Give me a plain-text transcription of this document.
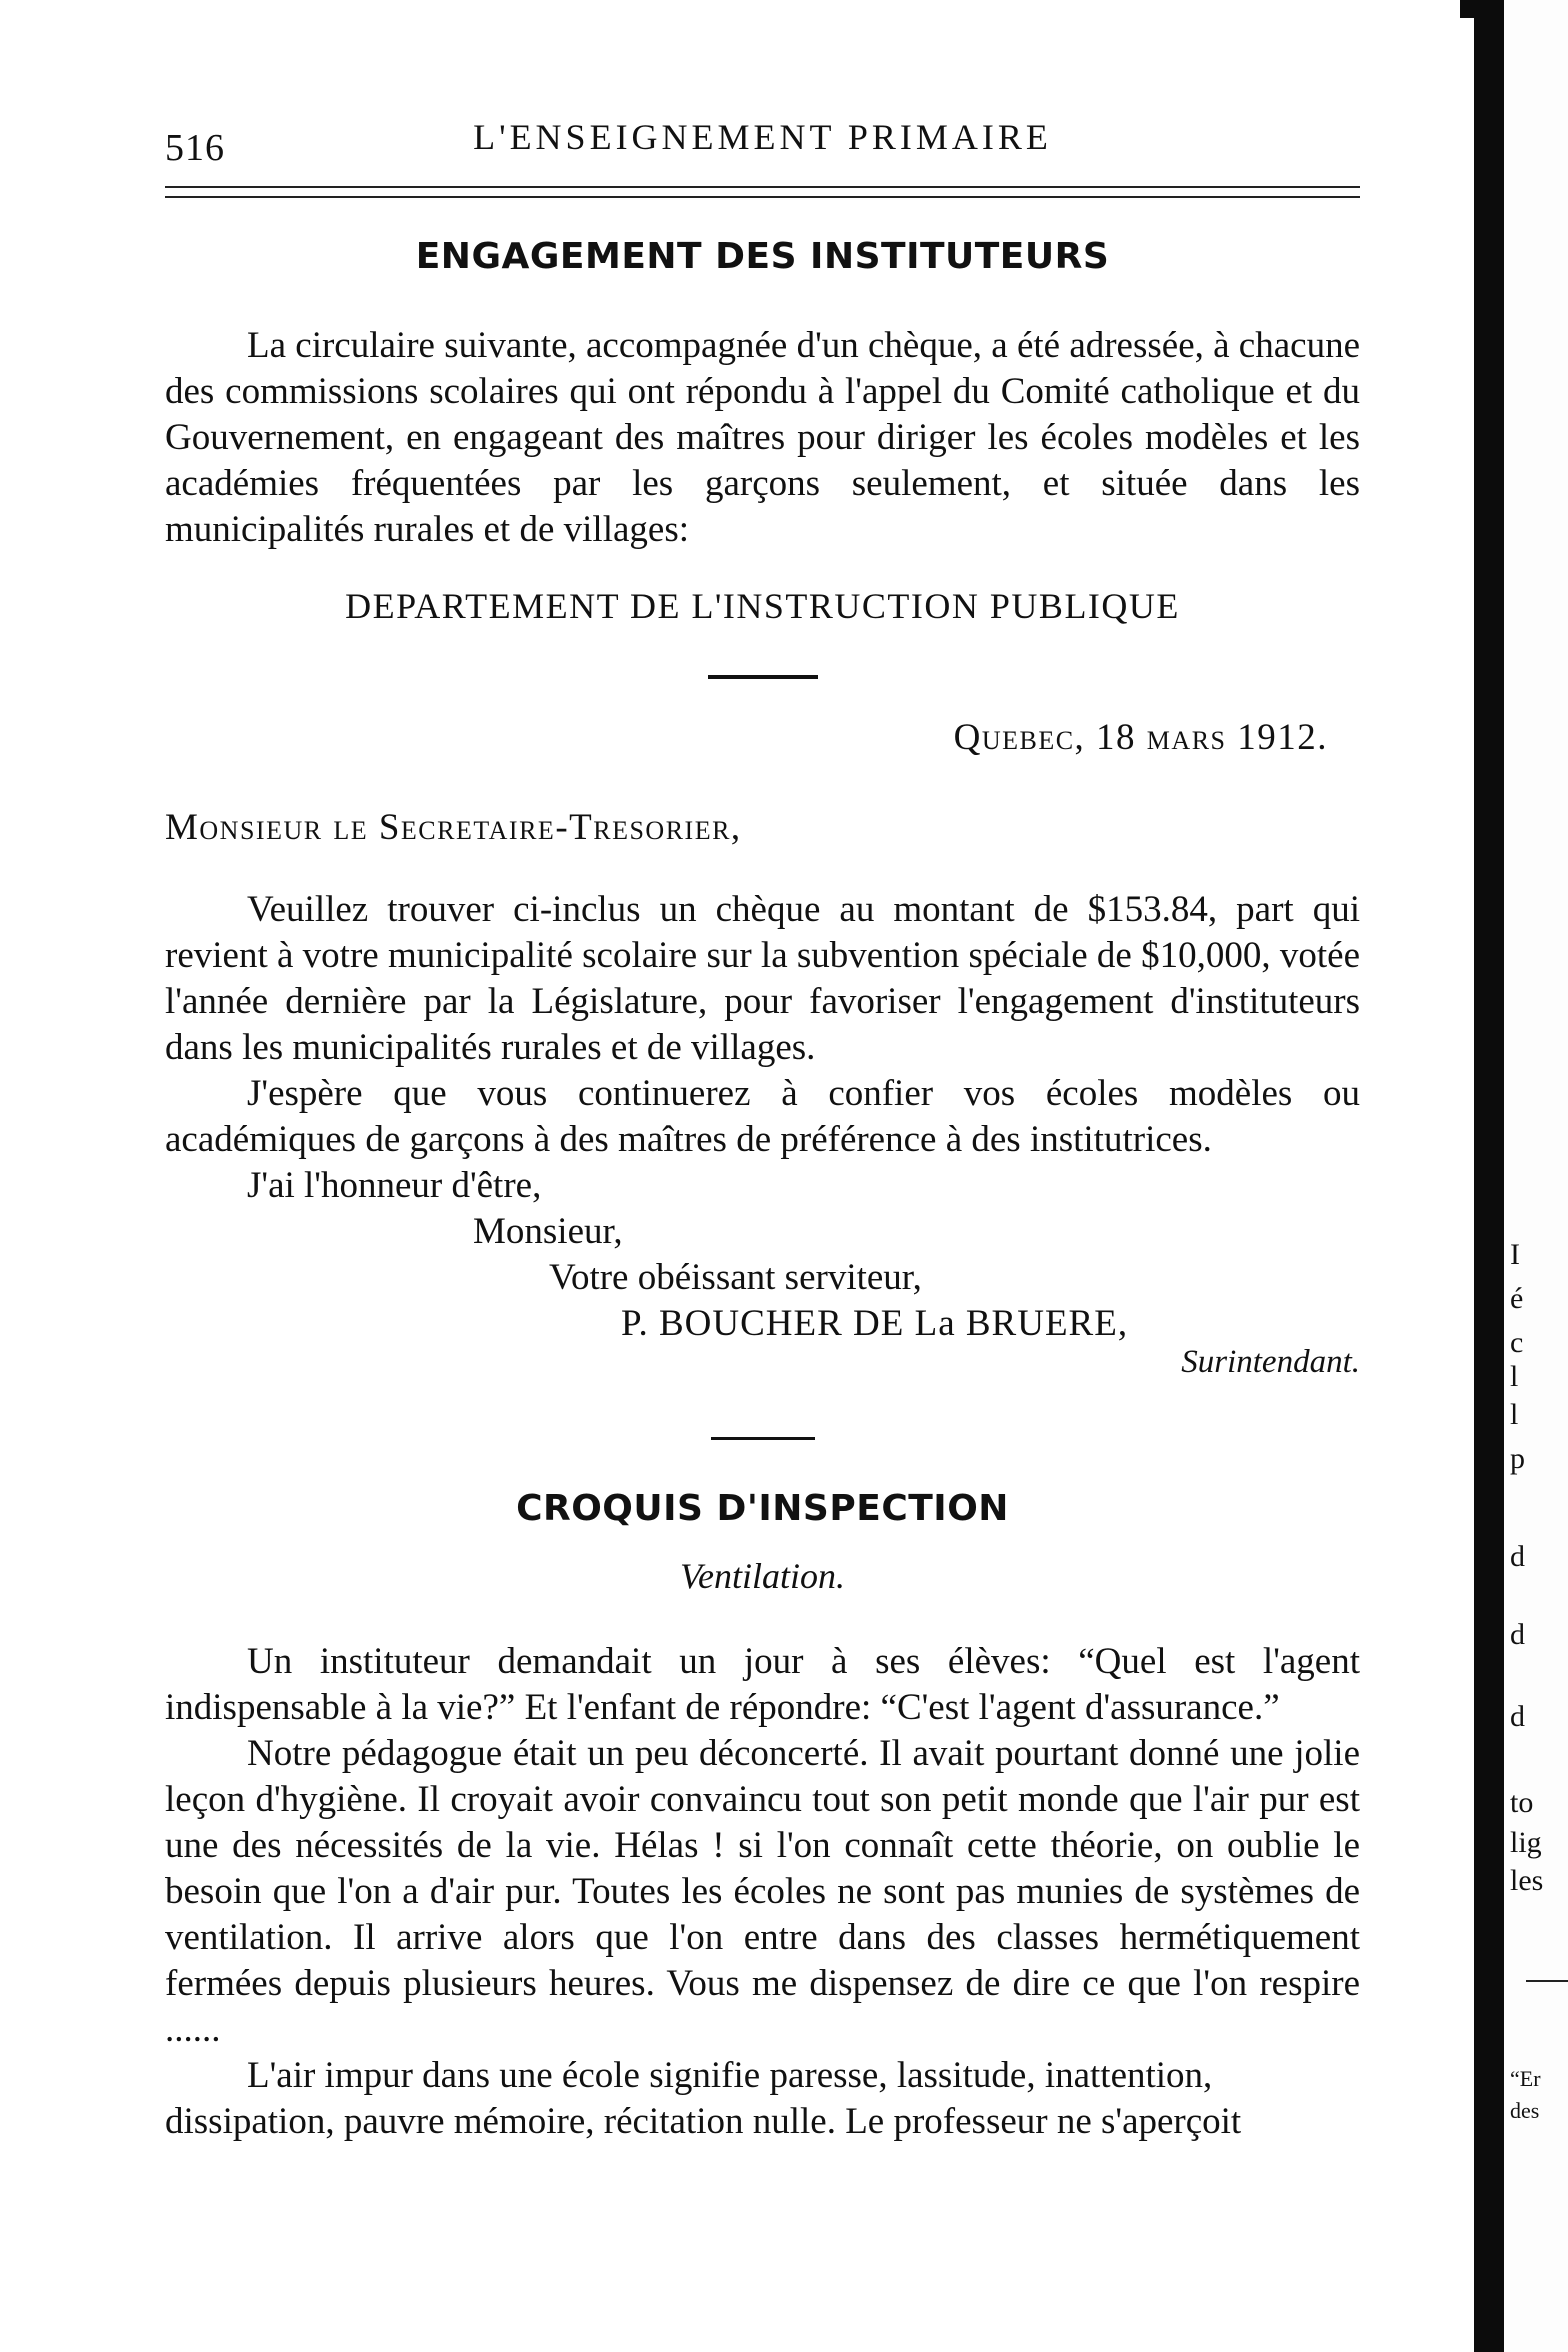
516	L'ENSEIGNEMENT PRIMAIRE
ENGAGEMENT DES INSTITUTEURS

La circulaire suivante, accompagnée d'un chèque, a été adressée, à chacune des commissions scolaires qui ont répondu à l'appel du Comité catholique et du Gouvernement, en engageant des maîtres pour diriger les écoles modèles et les académies fréquentées par les garçons seulement, et située dans les municipalités rurales et de villages:

DEPARTEMENT DE L'INSTRUCTION PUBLIQUE

Quebec, 18 mars 1912.

Monsieur le Secretaire-Tresorier,

Veuillez trouver ci-inclus un chèque au montant de $153.84, part qui revient à votre municipalité scolaire sur la subvention spéciale de $10,000, votée l'année dernière par la Législature, pour favoriser l'engagement d'instituteurs dans les municipalités rurales et de villages.

J'espère que vous continuerez à confier vos écoles modèles ou académiques de garçons à des maîtres de préférence à des institutrices.

J'ai l'honneur d'être,

Monsieur,

Votre obéissant serviteur,

P. BOUCHER DE La BRUERE,

Surintendant.

CROQUIS D'INSPECTION
Ventilation.

Un instituteur demandait un jour à ses élèves: “Quel est l'agent indispensable à la vie?” Et l'enfant de répondre: “C'est l'agent d'assurance.”

Notre pédagogue était un peu déconcerté. Il avait pourtant donné une jolie leçon d'hygiène. Il croyait avoir convaincu tout son petit monde que l'air pur est une des nécessités de la vie. Hélas ! si l'on connaît cette théorie, on oublie le besoin que l'on a d'air pur. Toutes les écoles ne sont pas munies de systèmes de ventilation. Il arrive alors que l'on entre dans des classes hermétiquement fermées depuis plusieurs heures. Vous me dispensez de dire ce que l'on respire ......

L'air impur dans une école signifie paresse, lassitude, inattention, dissipation, pauvre mémoire, récitation nulle. Le professeur ne s'aperçoit

I
é
c
l
l
p
d
d
d
to
lig
les
“Er
des
